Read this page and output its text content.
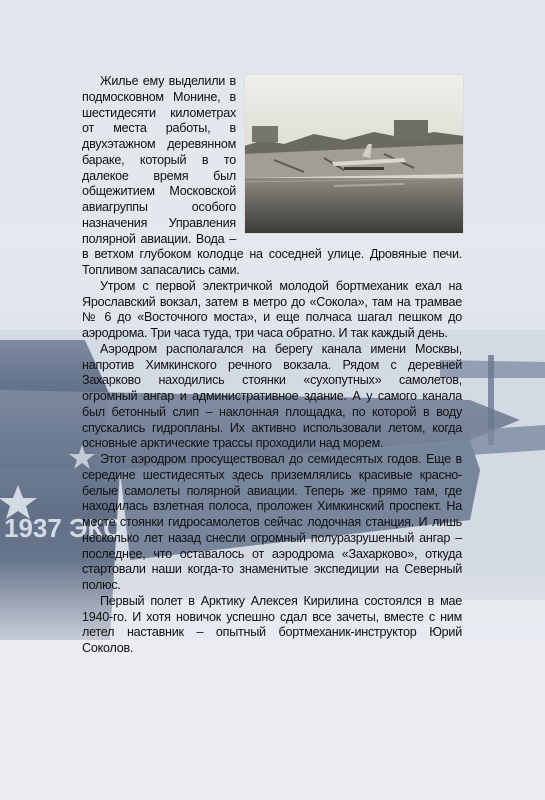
1937 ЭКС

Жилье ему выделили в подмосковном Монине, в шестидесяти километрах от места работы, в двухэтажном деревянном бараке, который в то далекое время был общежитием Московской авиагруппы особого назначения Управления полярной авиации. Вода – в ветхом глубоком колодце на соседней улице. Дровяные печи. Топливом запасались сами.

Утром с первой электричкой молодой бортмеханик ехал на Ярославский вокзал, затем в метро до «Сокола», там на трамвае № 6 до «Восточного моста», и еще полчаса шагал пешком до аэродрома. Три часа туда, три часа обратно. И так каждый день.

Аэродром располагался на берегу канала имени Москвы, напротив Химкинского речного вокзала. Рядом с деревней Захарково находились стоянки «сухопутных» самолетов, огромный ангар и административное здание. А у самого канала был бетонный слип – наклонная площадка, по которой в воду спускались гидропланы. Их активно использовали летом, когда основные арктические трассы проходили над морем.

Этот аэродром просуществовал до семидесятых годов. Еще в середине шестидесятых здесь приземлялись красивые красно-белые самолеты полярной авиации. Теперь же прямо там, где находилась взлетная полоса, проложен Химкинский проспект. На месте стоянки гидросамолетов сейчас лодочная станция. И лишь несколько лет назад снесли огромный полуразрушенный ангар – последнее, что оставалось от аэродрома «Захарково», откуда стартовали наши когда-то знаменитые экспедиции на Северный полюс.

Первый полет в Арктику Алексея Кирилина состоялся в мае 1940-го. И хотя новичок успешно сдал все зачеты, вместе с ним летел наставник – опытный бортмеханик-инструктор Юрий Соколов.
